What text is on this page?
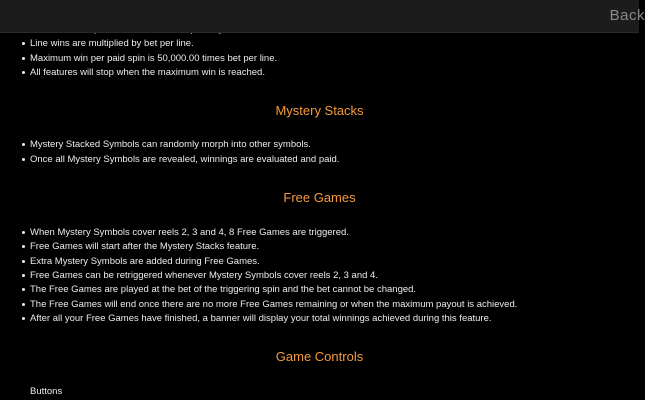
Line wins are multiplied by bet per line.
Maximum win per paid spin is 50,000.00 times bet per line.
All features will stop when the maximum win is reached.
Mystery Stacks
Mystery Stacked Symbols can randomly morph into other symbols.
Once all Mystery Symbols are revealed, winnings are evaluated and paid.
Free Games
When Mystery Symbols cover reels 2, 3 and 4, 8 Free Games are triggered.
Free Games will start after the Mystery Stacks feature.
Extra Mystery Symbols are added during Free Games.
Free Games can be retriggered whenever Mystery Symbols cover reels 2, 3 and 4.
The Free Games are played at the bet of the triggering spin and the bet cannot be changed.
The Free Games will end once there are no more Free Games remaining or when the maximum payout is achieved.
After all your Free Games have finished, a banner will display your total winnings achieved during this feature.
Game Controls
Buttons
Back
